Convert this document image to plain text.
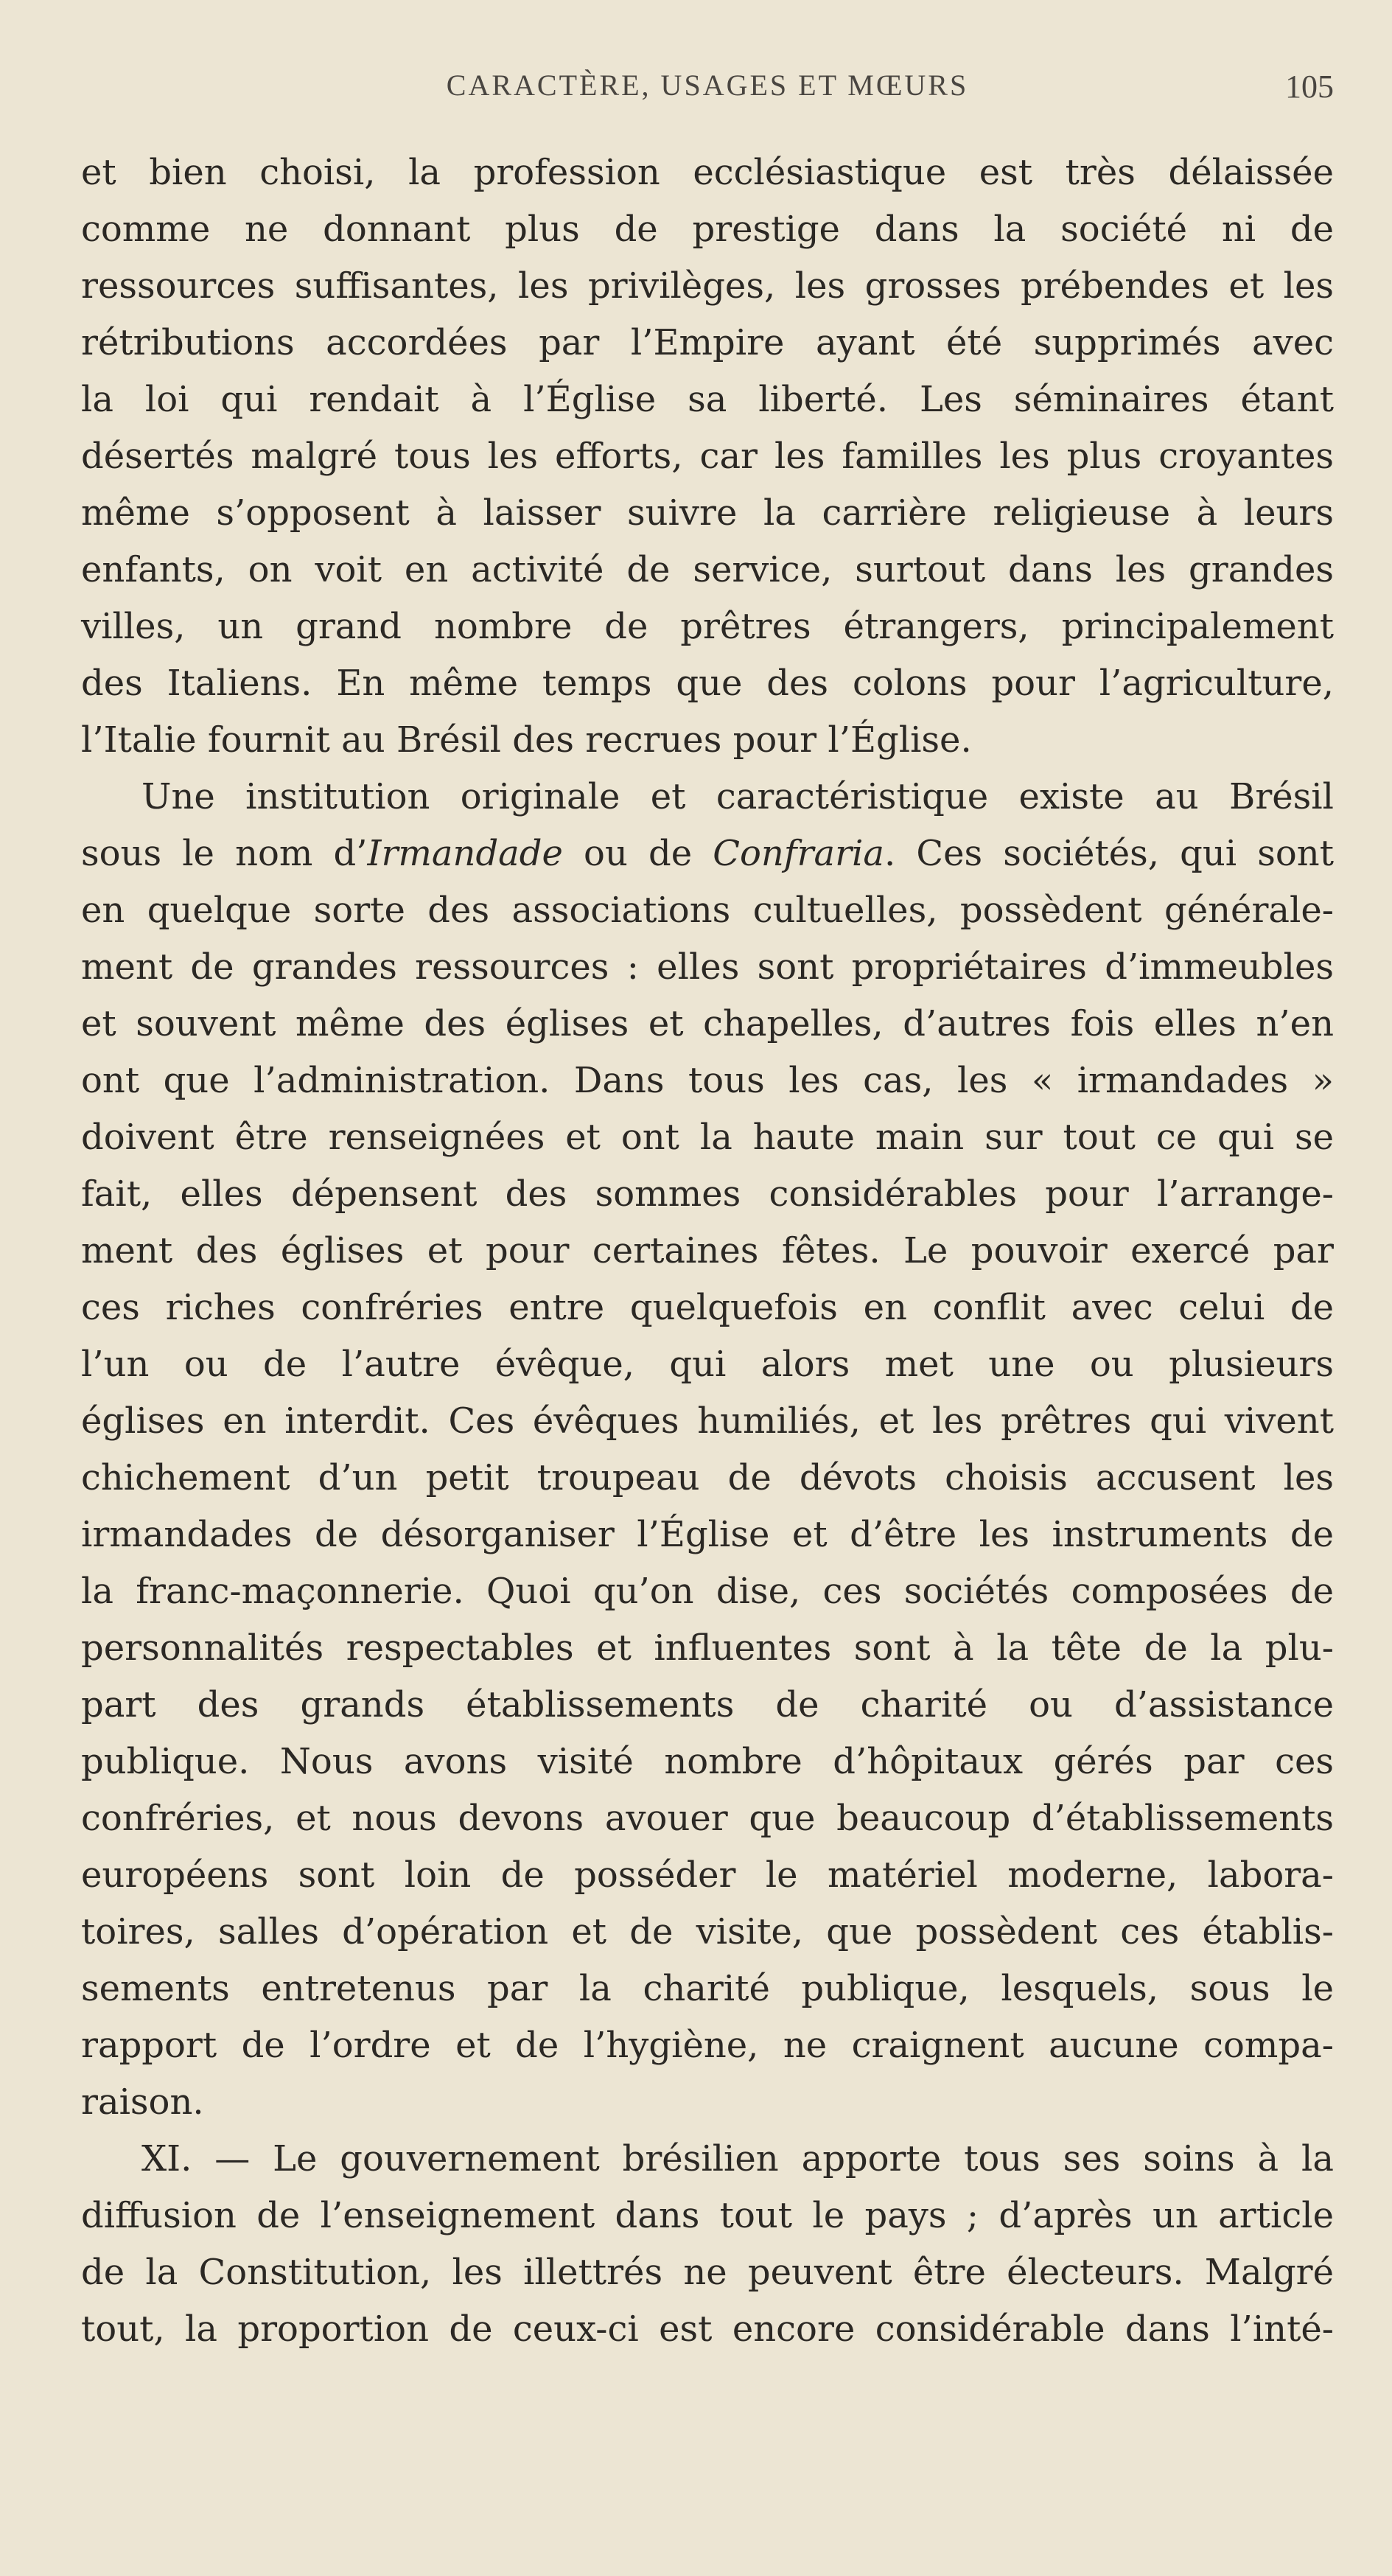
CARACTÈRE, USAGES ET MŒURS	105
et bien choisi, la profession ecclésiastique est très délaissée
comme ne donnant plus de prestige dans la société ni de
ressources suffisantes, les privilèges, les grosses prébendes et les
rétributions accordées par l’Empire ayant été supprimés avec
la loi qui rendait à l’Église sa liberté. Les séminaires étant
désertés malgré tous les efforts, car les familles les plus croyantes
même s’opposent à laisser suivre la carrière religieuse à leurs
enfants, on voit en activité de service, surtout dans les grandes
villes, un grand nombre de prêtres étrangers, principalement
des Italiens. En même temps que des colons pour l’agriculture,
l’Italie fournit au Brésil des recrues pour l’Église.
Une institution originale et caractéristique existe au Brésil
sous le nom d’Irmandade ou de Confraria. Ces sociétés, qui sont
en quelque sorte des associations cultuelles, possèdent générale-
ment de grandes ressources : elles sont propriétaires d’immeubles
et souvent même des églises et chapelles, d’autres fois elles n’en
ont que l’administration. Dans tous les cas, les « irmandades »
doivent être renseignées et ont la haute main sur tout ce qui se
fait, elles dépensent des sommes considérables pour l’arrange-
ment des églises et pour certaines fêtes. Le pouvoir exercé par
ces riches confréries entre quelquefois en conflit avec celui de
l’un ou de l’autre évêque, qui alors met une ou plusieurs
églises en interdit. Ces évêques humiliés, et les prêtres qui vivent
chichement d’un petit troupeau de dévots choisis accusent les
irmandades de désorganiser l’Église et d’être les instruments de
la franc-maçonnerie. Quoi qu’on dise, ces sociétés composées de
personnalités respectables et influentes sont à la tête de la plu-
part des grands établissements de charité ou d’assistance
publique. Nous avons visité nombre d’hôpitaux gérés par ces
confréries, et nous devons avouer que beaucoup d’établissements
européens sont loin de posséder le matériel moderne, labora-
toires, salles d’opération et de visite, que possèdent ces établis-
sements entretenus par la charité publique, lesquels, sous le
rapport de l’ordre et de l’hygiène, ne craignent aucune compa-
raison.
XI. — Le gouvernement brésilien apporte tous ses soins à la
diffusion de l’enseignement dans tout le pays ; d’après un article
de la Constitution, les illettrés ne peuvent être électeurs. Malgré
tout, la proportion de ceux-ci est encore considérable dans l’inté-
